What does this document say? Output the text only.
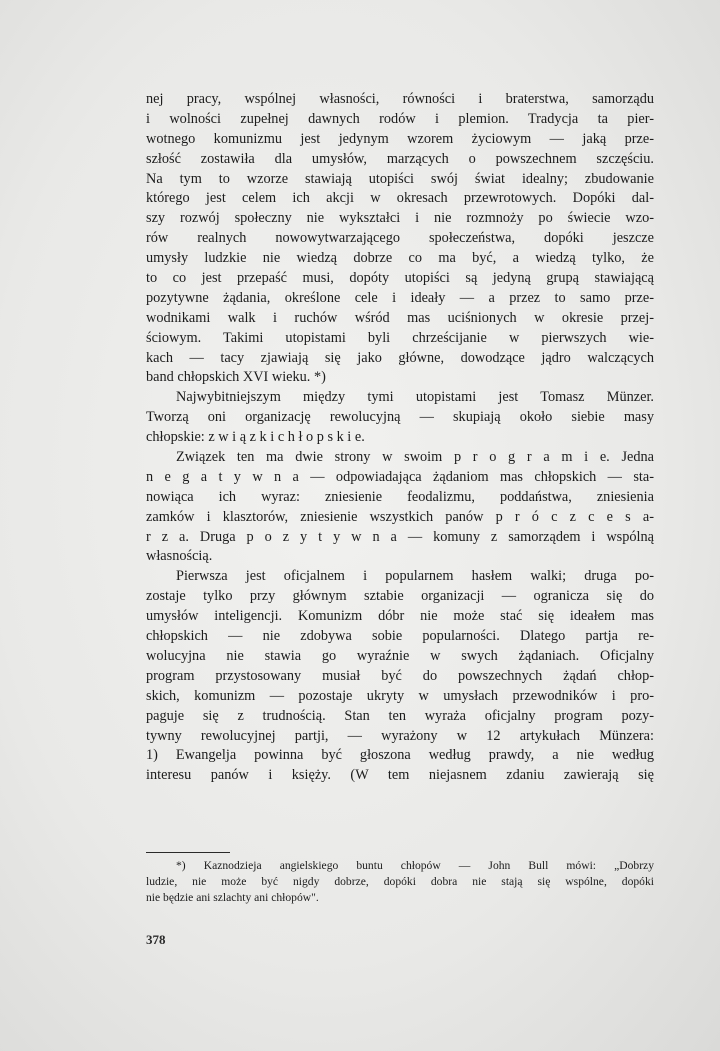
nej pracy, wspólnej własności, równości i braterstwa, samorządu
i wolności zupełnej dawnych rodów i plemion. Tradycja ta pier-
wotnego komunizmu jest jedynym wzorem życiowym — jaką prze-
szłość zostawiła dla umysłów, marzących o powszechnem szczęściu.
Na tym to wzorze stawiają utopiści swój świat idealny; zbudowanie
którego jest celem ich akcji w okresach przewrotowych. Dopóki dal-
szy rozwój społeczny nie wykształci i nie rozmnoży po świecie wzo-
rów realnych nowowytwarzającego społeczeństwa, dopóki jeszcze
umysły ludzkie nie wiedzą dobrze co ma być, a wiedzą tylko, że
to co jest przepaść musi, dopóty utopiści są jedyną grupą stawiającą
pozytywne żądania, określone cele i ideały — a przez to samo prze-
wodnikami walk i ruchów wśród mas uciśnionych w okresie przej-
ściowym. Takimi utopistami byli chrześcijanie w pierwszych wie-
kach — tacy zjawiają się jako główne, dowodzące jądro walczących
band chłopskich XVI wieku. *)
Najwybitniejszym między tymi utopistami jest Tomasz Münzer.
Tworzą oni organizację rewolucyjną — skupiają około siebie masy
chłopskie: z w i ą z k i c h ł o p s k i e.
Związek ten ma dwie strony w swoim p r o g r a m i e. Jedna
n e g a t y w n a — odpowiadająca żądaniom mas chłopskich — sta-
nowiąca ich wyraz: zniesienie feodalizmu, poddaństwa, zniesienia
zamków i klasztorów, zniesienie wszystkich panów p r ó c z c e s a-
r z a. Druga p o z y t y w n a — komuny z samorządem i wspólną
własnością.
Pierwsza jest oficjalnem i popularnem hasłem walki; druga po-
zostaje tylko przy głównym sztabie organizacji — ogranicza się do
umysłów inteligencji. Komunizm dóbr nie może stać się ideałem mas
chłopskich — nie zdobywa sobie popularności. Dlatego partja re-
wolucyjna nie stawia go wyraźnie w swych żądaniach. Oficjalny
program przystosowany musiał być do powszechnych żądań chłop-
skich, komunizm — pozostaje ukryty w umysłach przewodników i pro-
paguje się z trudnością. Stan ten wyraża oficjalny program pozy-
tywny rewolucyjnej partji, — wyrażony w 12 artykułach Münzera:
1) Ewangelja powinna być głoszona według prawdy, a nie według
interesu panów i księży. (W tem niejasnem zdaniu zawierają się
*) Kaznodzieja angielskiego buntu chłopów — John Bull mówi: „Dobrzy
ludzie, nie może być nigdy dobrze, dopóki dobra nie stają się wspólne, dopóki
nie będzie ani szlachty ani chłopów".
378
